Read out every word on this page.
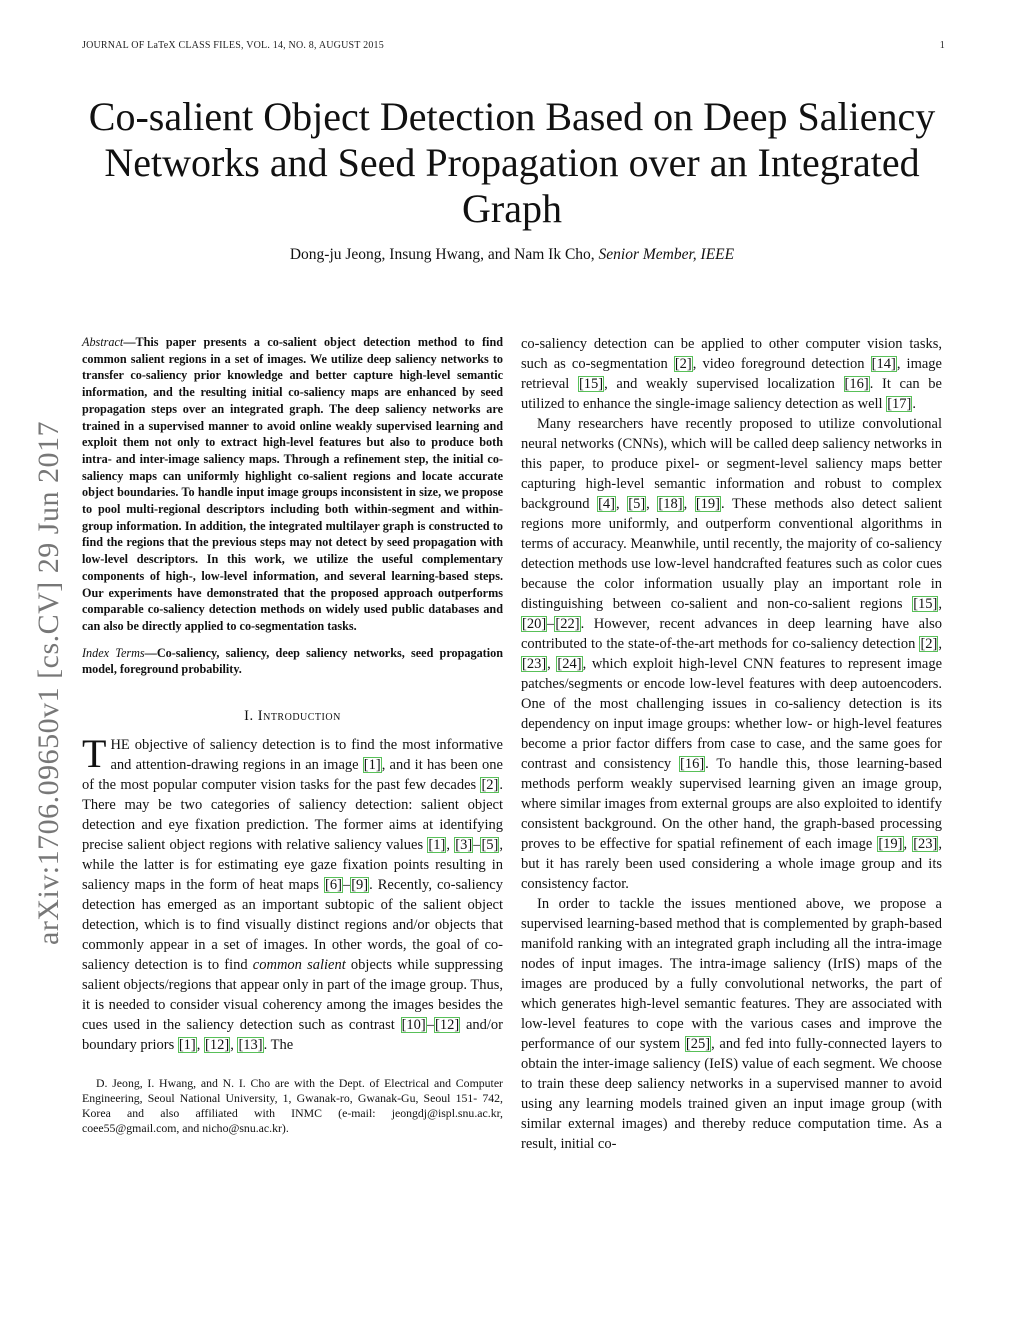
JOURNAL OF LaTeX CLASS FILES, VOL. 14, NO. 8, AUGUST 2015	1
arXiv:1706.09650v1 [cs.CV] 29 Jun 2017
Co-salient Object Detection Based on Deep Saliency Networks and Seed Propagation over an Integrated Graph
Dong-ju Jeong, Insung Hwang, and Nam Ik Cho, Senior Member, IEEE

Abstract—This paper presents a co-salient object detection method to find common salient regions in a set of images. We utilize deep saliency networks to transfer co-saliency prior knowledge and better capture high-level semantic information, and the resulting initial co-saliency maps are enhanced by seed propagation steps over an integrated graph. The deep saliency networks are trained in a supervised manner to avoid online weakly supervised learning and exploit them not only to extract high-level features but also to produce both intra- and inter-image saliency maps. Through a refinement step, the initial co-saliency maps can uniformly highlight co-salient regions and locate accurate object boundaries. To handle input image groups inconsistent in size, we propose to pool multi-regional descriptors including both within-segment and within-group information. In addition, the integrated multilayer graph is constructed to find the regions that the previous steps may not detect by seed propagation with low-level descriptors. In this work, we utilize the useful complementary components of high-, low-level information, and several learning-based steps. Our experiments have demonstrated that the proposed approach outperforms comparable co-saliency detection methods on widely used public databases and can also be directly applied to co-segmentation tasks.

Index Terms—Co-saliency, saliency, deep saliency networks, seed propagation model, foreground probability.

I. Introduction

THE objective of saliency detection is to find the most informative and attention-drawing regions in an image [1], and it has been one of the most popular computer vision tasks for the past few decades [2]. There may be two categories of saliency detection: salient object detection and eye fixation prediction. The former aims at identifying precise salient object regions with relative saliency values [1], [3]–[5], while the latter is for estimating eye gaze fixation points resulting in saliency maps in the form of heat maps [6]–[9]. Recently, co-saliency detection has emerged as an important subtopic of the salient object detection, which is to find visually distinct regions and/or objects that commonly appear in a set of images. In other words, the goal of co-saliency detection is to find common salient objects while suppressing salient objects/regions that appear only in part of the image group. Thus, it is needed to consider visual coherency among the images besides the cues used in the saliency detection such as contrast [10]–[12] and/or boundary priors [1], [12], [13]. The

D. Jeong, I. Hwang, and N. I. Cho are with the Dept. of Electrical and Computer Engineering, Seoul National University, 1, Gwanak-ro, Gwanak-Gu, Seoul 151- 742, Korea and also affiliated with INMC (e-mail: jeongdj@ispl.snu.ac.kr, coee55@gmail.com, and nicho@snu.ac.kr).

co-saliency detection can be applied to other computer vision tasks, such as co-segmentation [2], video foreground detection [14], image retrieval [15], and weakly supervised localization [16]. It can be utilized to enhance the single-image saliency detection as well [17].

Many researchers have recently proposed to utilize convolutional neural networks (CNNs), which will be called deep saliency networks in this paper, to produce pixel- or segment-level saliency maps better capturing high-level semantic information and robust to complex background [4], [5], [18], [19]. These methods also detect salient regions more uniformly, and outperform conventional algorithms in terms of accuracy. Meanwhile, until recently, the majority of co-saliency detection methods use low-level handcrafted features such as color cues because the color information usually play an important role in distinguishing between co-salient and non-co-salient regions [15], [20]–[22]. However, recent advances in deep learning have also contributed to the state-of-the-art methods for co-saliency detection [2], [23], [24], which exploit high-level CNN features to represent image patches/segments or encode low-level features with deep autoencoders. One of the most challenging issues in co-saliency detection is its dependency on input image groups: whether low- or high-level features become a prior factor differs from case to case, and the same goes for contrast and consistency [16]. To handle this, those learning-based methods perform weakly supervised learning given an image group, where similar images from external groups are also exploited to identify consistent background. On the other hand, the graph-based processing proves to be effective for spatial refinement of each image [19], [23], but it has rarely been used considering a whole image group and its consistency factor.

In order to tackle the issues mentioned above, we propose a supervised learning-based method that is complemented by graph-based manifold ranking with an integrated graph including all the intra-image nodes of input images. The intra-image saliency (IrIS) maps of the images are produced by a fully convolutional networks, the part of which generates high-level semantic features. They are associated with low-level features to cope with the various cases and improve the performance of our system [25], and fed into fully-connected layers to obtain the inter-image saliency (IeIS) value of each segment. We choose to train these deep saliency networks in a supervised manner to avoid using any learning models trained given an input image group (with similar external images) and thereby reduce computation time. As a result, initial co-
